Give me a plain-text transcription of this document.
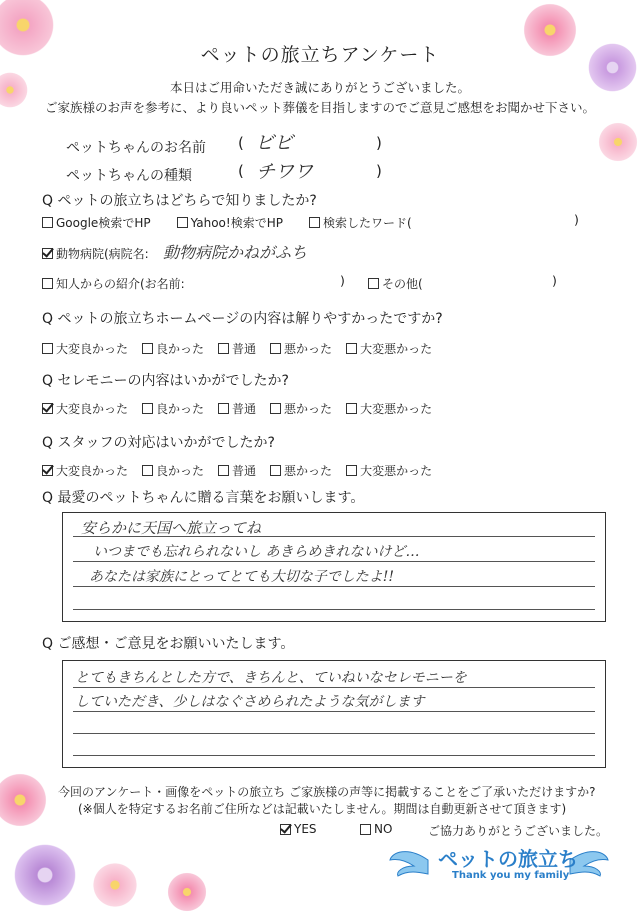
ペットの旅立ちアンケート
本日はご用命いただき誠にありがとうございました。
ご家族様のお声を参考に、より良いペット葬儀を目指しますのでご意見ご感想をお聞かせ下さい。
ペットちゃんのお名前 ( ビビ	)
ペットちゃんの種類	( チワワ	)
Q ペットの旅立ちはどちらで知りましたか?
Google検索でHP	Yahoo!検索でHP	検索したワード(	)
動物病院(病院名: 動物病院かねがふち
知人からの紹介(お名前:	)	その他(	)
Q ペットの旅立ちホームページの内容は解りやすかったですか?
大変良かった 良かった 普通 悪かった 大変悪かった
Q セレモニーの内容はいかがでしたか?
大変良かった 良かった 普通 悪かった 大変悪かった
Q スタッフの対応はいかがでしたか?
大変良かった 良かった 普通 悪かった 大変悪かった
Q 最愛のペットちゃんに贈る言葉をお願いします。
安らかに天国へ旅立ってね
いつまでも忘れられないし あきらめきれないけど…
あなたは家族にとってとても大切な子でしたよ!!
Q ご感想・ご意見をお願いいたします。
とてもきちんとした方で、きちんと、ていねいなセレモニーを
していただき、少しはなぐさめられたような気がします
今回のアンケート・画像をペットの旅立ち ご家族様の声等に掲載することをご了承いただけますか?
(※個人を特定するお名前ご住所などは記載いたしません。期間は自動更新させて頂きます)
YES	NO	ご協力ありがとうございました。
ペットの旅立ち
Thank you my family
